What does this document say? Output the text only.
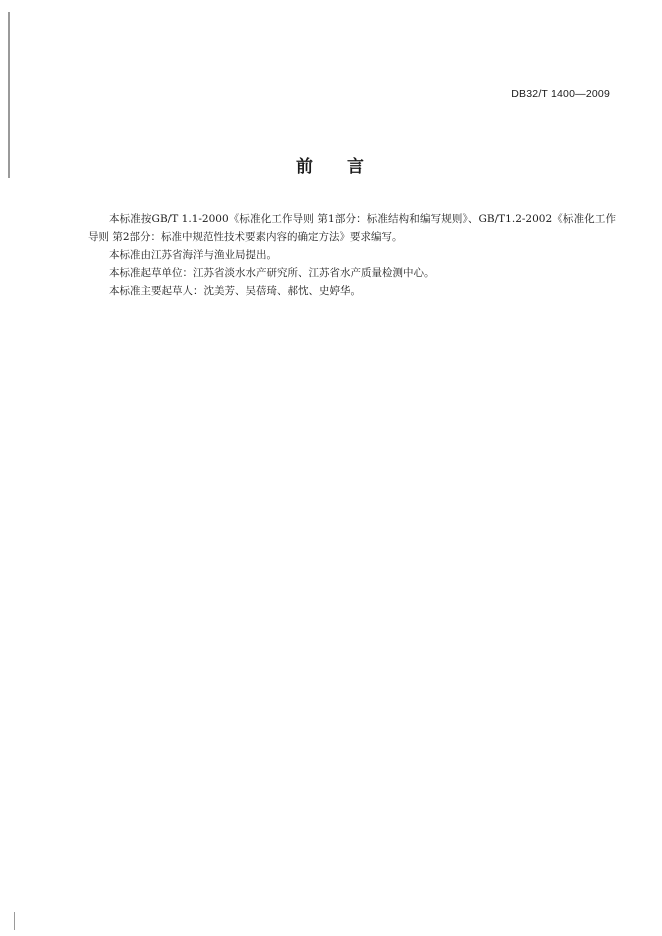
DB32/T 1400—2009
前言

本标准按GB/T 1.1-2000《标准化工作导则 第1部分：标准结构和编写规则》、GB/T1.2-2002《标准化工作导则 第2部分：标准中规范性技术要素内容的确定方法》要求编写。

本标准由江苏省海洋与渔业局提出。

本标准起草单位：江苏省淡水水产研究所、江苏省水产质量检测中心。

本标准主要起草人：沈美芳、吴蓓琦、郝忱、史婷华。
